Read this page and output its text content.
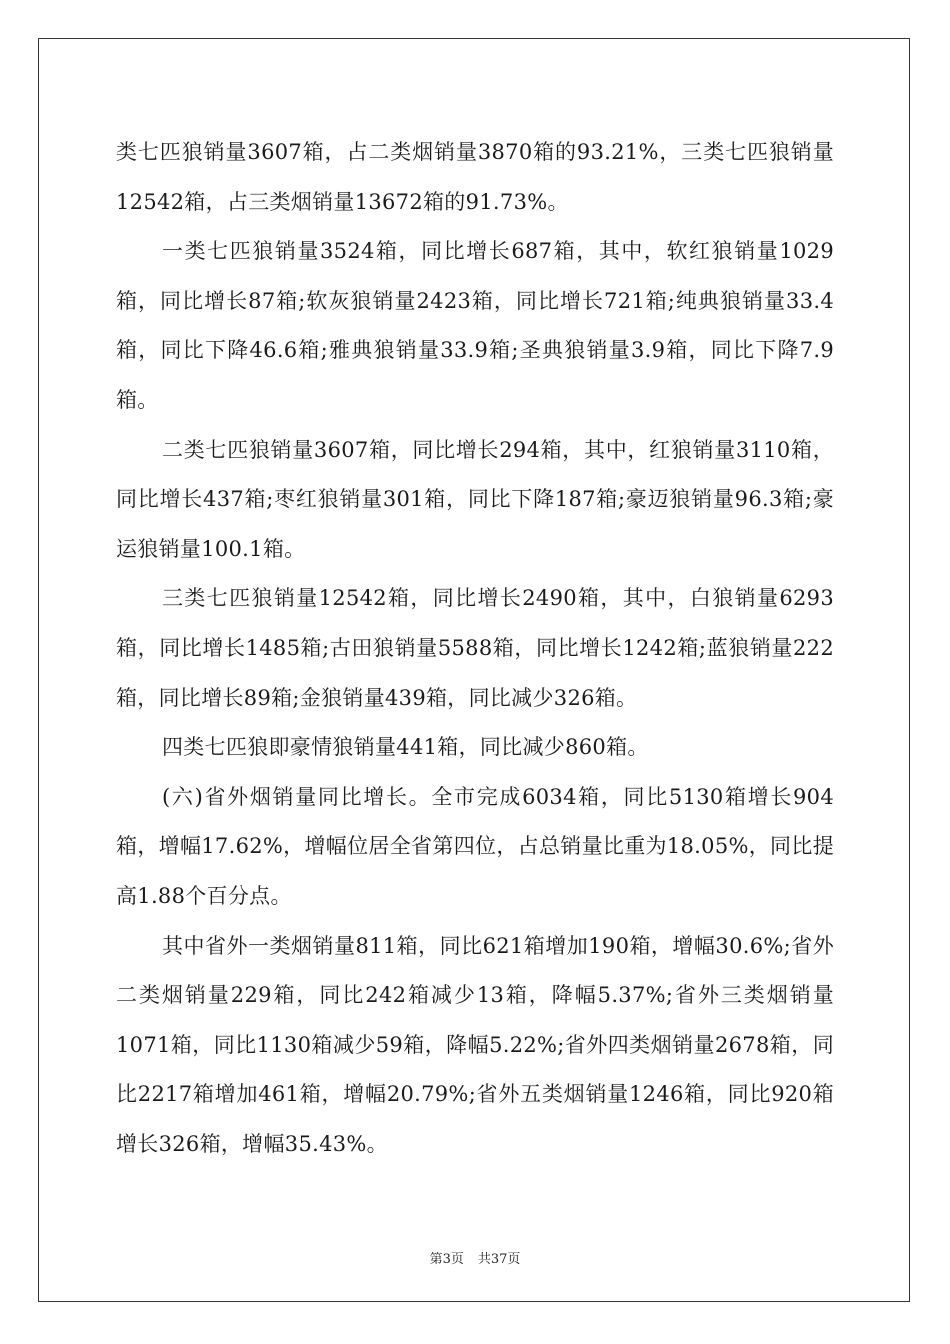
类七匹狼销量3607箱，占二类烟销量3870箱的93.21%，三类七匹狼销量12542箱，占三类烟销量13672箱的91.73%。

一类七匹狼销量3524箱，同比增长687箱，其中，软红狼销量1029箱，同比增长87箱;软灰狼销量2423箱，同比增长721箱;纯典狼销量33.4箱，同比下降46.6箱;雅典狼销量33.9箱;圣典狼销量3.9箱，同比下降7.9箱。

二类七匹狼销量3607箱，同比增长294箱，其中，红狼销量3110箱，同比增长437箱;枣红狼销量301箱，同比下降187箱;豪迈狼销量96.3箱;豪运狼销量100.1箱。

三类七匹狼销量12542箱，同比增长2490箱，其中，白狼销量6293箱，同比增长1485箱;古田狼销量5588箱，同比增长1242箱;蓝狼销量222箱，同比增长89箱;金狼销量439箱，同比减少326箱。

四类七匹狼即豪情狼销量441箱，同比减少860箱。

(六)省外烟销量同比增长。全市完成6034箱，同比5130箱增长904箱，增幅17.62%，增幅位居全省第四位，占总销量比重为18.05%，同比提高1.88个百分点。

其中省外一类烟销量811箱，同比621箱增加190箱，增幅30.6%;省外二类烟销量229箱，同比242箱减少13箱，降幅5.37%;省外三类烟销量1071箱，同比1130箱减少59箱，降幅5.22%;省外四类烟销量2678箱，同比2217箱增加461箱，增幅20.79%;省外五类烟销量1246箱，同比920箱增长326箱，增幅35.43%。

第3页 共37页
